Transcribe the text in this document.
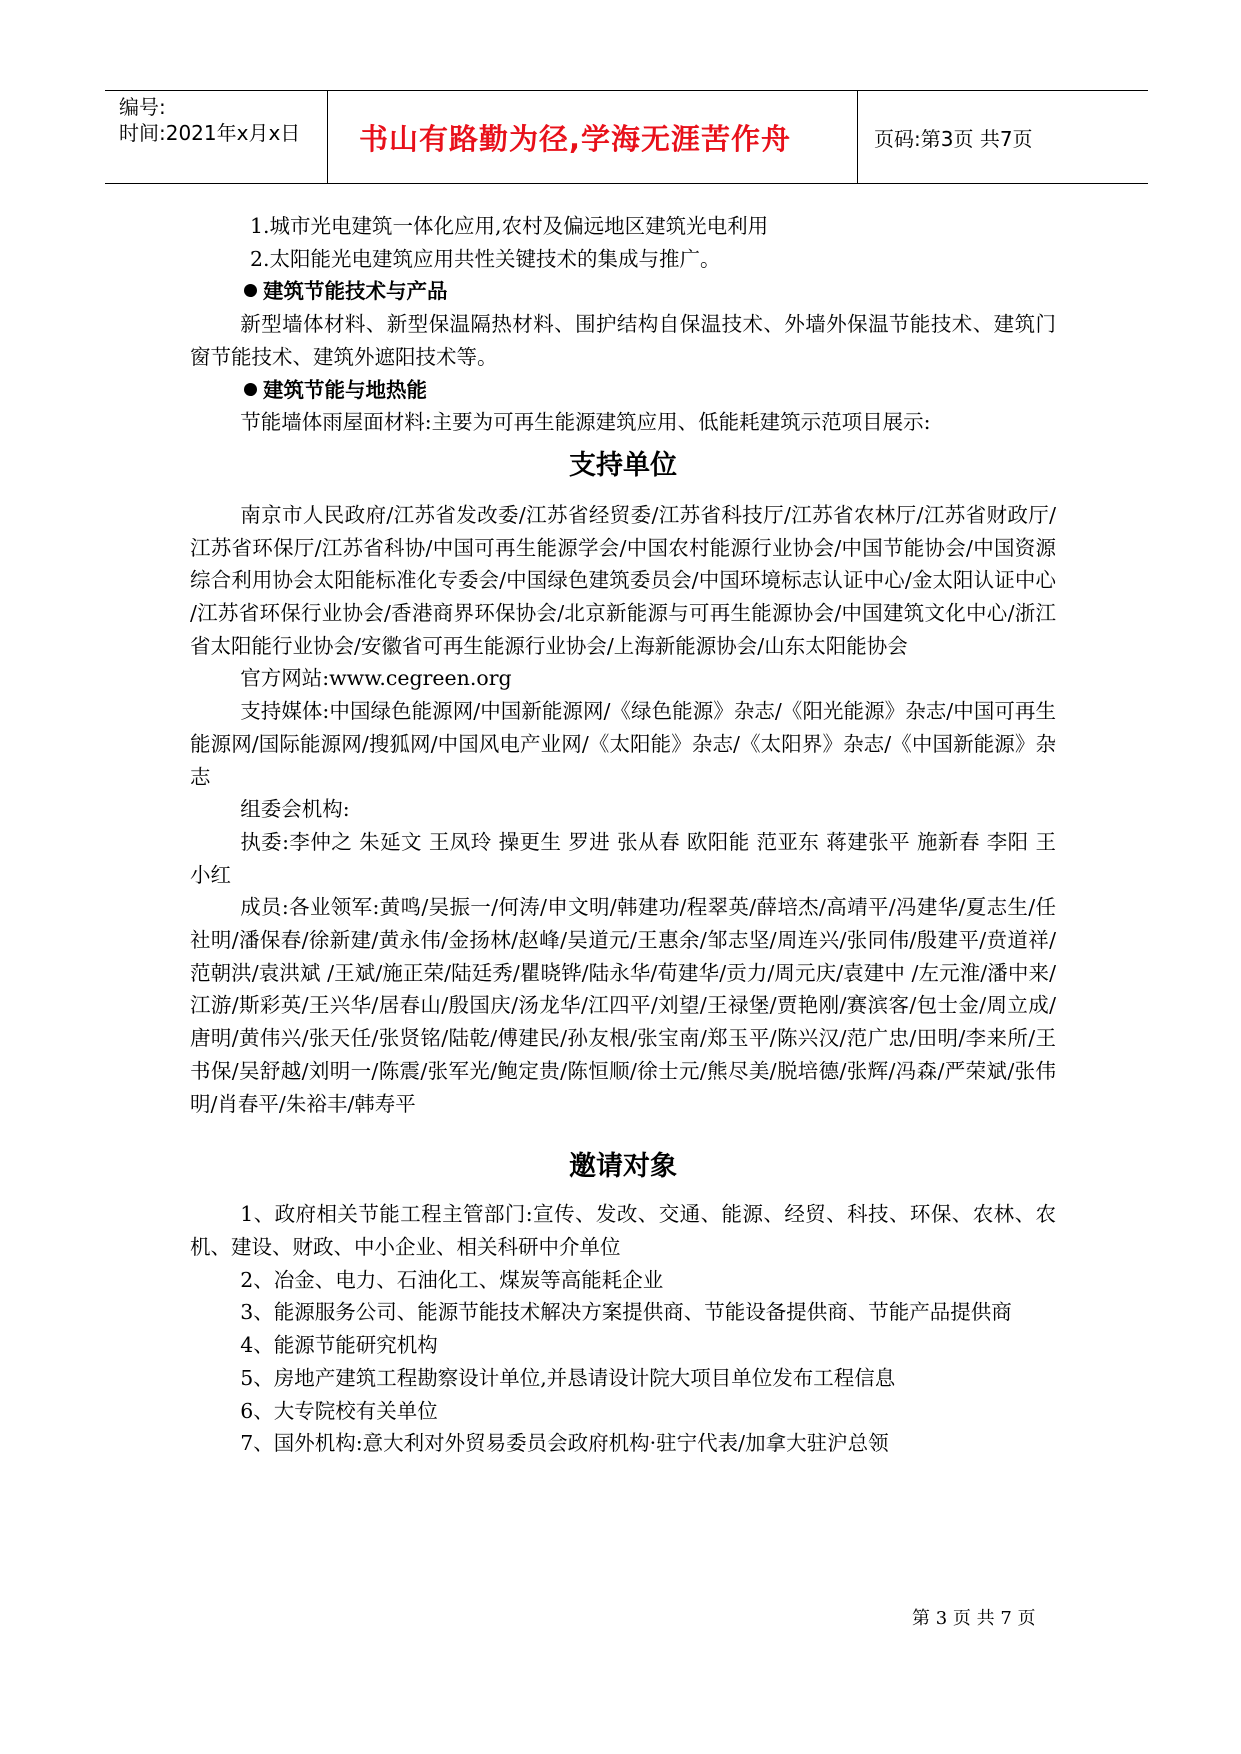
编号:
时间:2021年x月x日	书山有路勤为径,学海无涯苦作舟	页码:第3页 共7页

1.城市光电建筑一体化应用,农村及偏远地区建筑光电利用

2.太阳能光电建筑应用共性关键技术的集成与推广。

建筑节能技术与产品

新型墙体材料、新型保温隔热材料、围护结构自保温技术、外墙外保温节能技术、建筑门窗节能技术、建筑外遮阳技术等。

建筑节能与地热能

节能墙体雨屋面材料:主要为可再生能源建筑应用、低能耗建筑示范项目展示:

支持单位

南京市人民政府/江苏省发改委/江苏省经贸委/江苏省科技厅/江苏省农林厅/江苏省财政厅/江苏省环保厅/江苏省科协/中国可再生能源学会/中国农村能源行业协会/中国节能协会/中国资源综合利用协会太阳能标准化专委会/中国绿色建筑委员会/中国环境标志认证中心/金太阳认证中心 /江苏省环保行业协会/香港商界环保协会/北京新能源与可再生能源协会/中国建筑文化中心/浙江省太阳能行业协会/安徽省可再生能源行业协会/上海新能源协会/山东太阳能协会

官方网站:www.cegreen.org

支持媒体:中国绿色能源网/中国新能源网/《绿色能源》杂志/《阳光能源》杂志/中国可再生能源网/国际能源网/搜狐网/中国风电产业网/《太阳能》杂志/《太阳界》杂志/《中国新能源》杂志

组委会机构:

执委:李仲之 朱延文 王凤玲 操更生 罗进 张从春 欧阳能 范亚东 蒋建张平 施新春 李阳 王小红

成员:各业领军:黄鸣/吴振一/何涛/申文明/韩建功/程翠英/薛培杰/高靖平/冯建华/夏志生/任社明/潘保春/徐新建/黄永伟/金扬林/赵峰/吴道元/王惠余/邹志坚/周连兴/张同伟/殷建平/贲道祥/范朝洪/袁洪斌 /王斌/施正荣/陆廷秀/瞿晓铧/陆永华/荀建华/贡力/周元庆/袁建中 /左元淮/潘中来/江游/斯彩英/王兴华/居春山/殷国庆/汤龙华/江四平/刘望/王禄堡/贾艳刚/赛滨客/包士金/周立成/唐明/黄伟兴/张天任/张贤铭/陆乾/傅建民/孙友根/张宝南/郑玉平/陈兴汉/范广忠/田明/李来所/王书保/吴舒越/刘明一/陈震/张军光/鲍定贵/陈恒顺/徐士元/熊尽美/脱培德/张辉/冯森/严荣斌/张伟明/肖春平/朱裕丰/韩寿平

邀请对象

1、政府相关节能工程主管部门:宣传、发改、交通、能源、经贸、科技、环保、农林、农机、建设、财政、中小企业、相关科研中介单位

2、冶金、电力、石油化工、煤炭等高能耗企业

3、能源服务公司、能源节能技术解决方案提供商、节能设备提供商、节能产品提供商

4、能源节能研究机构

5、房地产建筑工程勘察设计单位,并恳请设计院大项目单位发布工程信息

6、大专院校有关单位

7、国外机构:意大利对外贸易委员会政府机构·驻宁代表/加拿大驻沪总领

第 3 页 共 7 页
